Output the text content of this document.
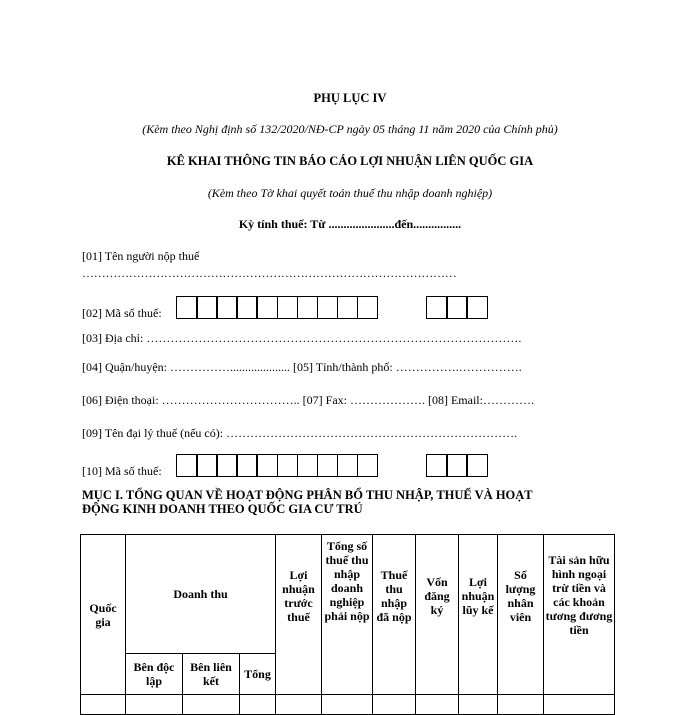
PHỤ LỤC IV
(Kèm theo Nghị định số 132/2020/NĐ-CP ngày 05 tháng 11 năm 2020 của Chính phủ)
KÊ KHAI THÔNG TIN BÁO CÁO LỢI NHUẬN LIÊN QUỐC GIA
(Kèm theo Tờ khai quyết toán thuế thu nhập doanh nghiệp)
Kỳ tính thuế: Từ ......................đến................
[01] Tên người nộp thuế
……………………………………………………………………………………
[02] Mã số thuế:
[03] Địa chỉ: ………………………………………………………………………………….
[04] Quận/huyện: …………….................... [05] Tỉnh/thành phố: …………….…………….
[06] Điện thoại: …………………………….. [07] Fax: ………………. [08] Email:………….
[09] Tên đại lý thuế (nếu có): ……………………………………………………………….
[10] Mã số thuế:
MỤC I. TỔNG QUAN VỀ HOẠT ĐỘNG PHÂN BỔ THU NHẬP, THUẾ VÀ HOẠT
ĐỘNG KINH DOANH THEO QUỐC GIA CƯ TRÚ
Quốc gia	Doanh thu			Lợi nhuận trước thuế	Tổng số thuế thu nhập doanh nghiệp phải nộp	Thuế thu nhập đã nộp	Vốn đăng ký	Lợi nhuận lũy kế	Số lượng nhân viên	Tài sản hữu hình ngoại trừ tiền và các khoản tương đương tiền
	Bên độc lập	Bên liên kết	Tổng							
